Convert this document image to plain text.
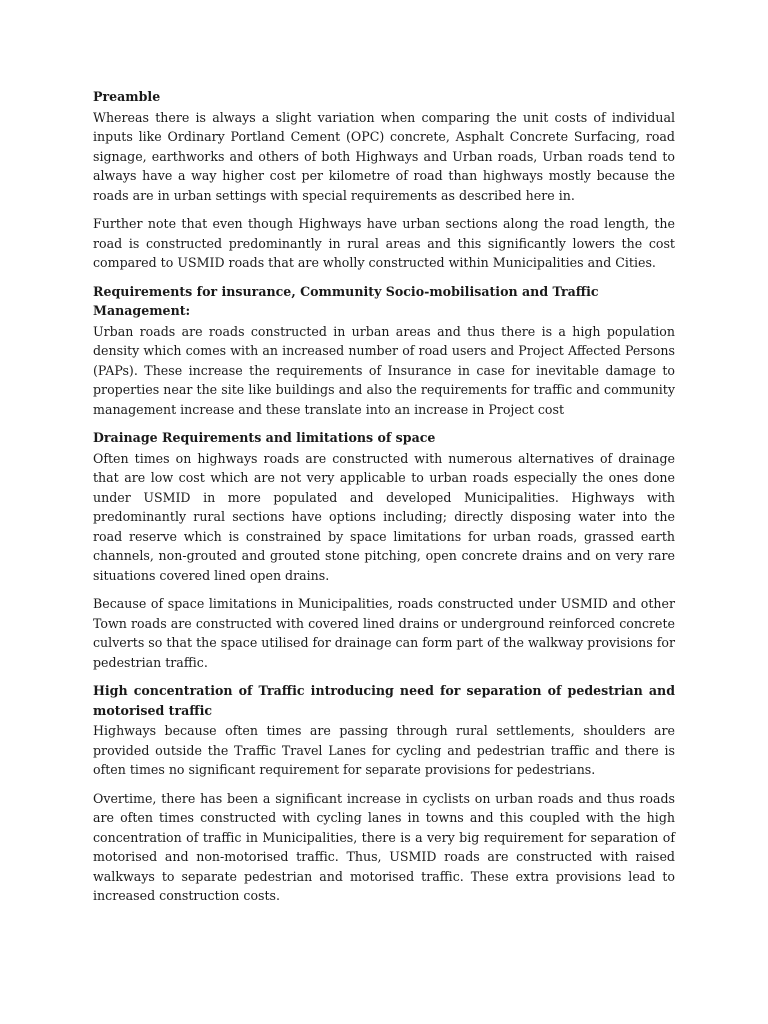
Preamble

Whereas there is always a slight variation when comparing the unit costs of individual inputs like Ordinary Portland Cement (OPC) concrete, Asphalt Concrete Surfacing, road signage, earthworks and others of both Highways and Urban roads, Urban roads tend to always have a way higher cost per kilometre of road than highways mostly because the roads are in urban settings with special requirements as described here in.

Further note that even though Highways have urban sections along the road length, the road is constructed predominantly in rural areas and this significantly lowers the cost compared to USMID roads that are wholly constructed within Municipalities and Cities.

Requirements for insurance, Community Socio-mobilisation and Traffic Management:

Urban roads are roads constructed in urban areas and thus there is a high population density which comes with an increased number of road users and Project Affected Persons (PAPs). These increase the requirements of Insurance in case for inevitable damage to properties near the site like buildings and also the requirements for traffic and community management increase and these translate into an increase in Project cost

Drainage Requirements and limitations of space

Often times on highways roads are constructed with numerous alternatives of drainage that are low cost which are not very applicable to urban roads especially the ones done under USMID in more populated and developed Municipalities. Highways with predominantly rural sections have options including; directly disposing water into the road reserve which is constrained by space limitations for urban roads, grassed earth channels, non-grouted and grouted stone pitching, open concrete drains and on very rare situations covered lined open drains.

Because of space limitations in Municipalities, roads constructed under USMID and other Town roads are constructed with covered lined drains or underground reinforced concrete culverts so that the space utilised for drainage can form part of the walkway provisions for pedestrian traffic.

High concentration of Traffic introducing need for separation of pedestrian and motorised traffic

Highways because often times are passing through rural settlements, shoulders are provided outside the Traffic Travel Lanes for cycling and pedestrian traffic and there is often times no significant requirement for separate provisions for pedestrians.

Overtime, there has been a significant increase in cyclists on urban roads and thus roads are often times constructed with cycling lanes in towns and this coupled with the high concentration of traffic in Municipalities, there is a very big requirement for separation of motorised and non-motorised traffic. Thus, USMID roads are constructed with raised walkways to separate pedestrian and motorised traffic. These extra provisions lead to increased construction costs.
